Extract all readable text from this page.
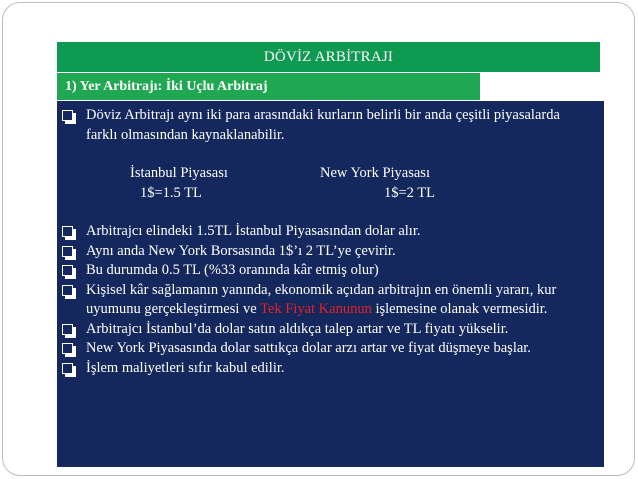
DÖVİZ ARBİTRAJI
1) Yer Arbitrajı: İki Uçlu Arbitraj
Döviz Arbitrajı aynı iki para arasındaki kurların belirli bir anda çeşitli piyasalarda farklı olmasından kaynaklanabilir.
İstanbul Piyasası	New York Piyasası
1$=1.5 TL	1$=2 TL
Arbitrajcı elindeki 1.5TL İstanbul Piyasasından dolar alır.
Aynı anda New York Borsasında 1$’ı 2 TL’ye çevirir.
Bu durumda 0.5 TL (%33 oranında kâr etmiş olur)
Kişisel kâr sağlamanın yanında, ekonomik açıdan arbitrajın en önemli yararı, kur uyumunu gerçekleştirmesi ve Tek Fiyat Kanunun işlemesine olanak vermesidir.
Arbitrajcı İstanbul’da dolar satın aldıkça talep artar ve TL fiyatı yükselir.
New York Piyasasında dolar sattıkça dolar arzı artar ve fiyat düşmeye başlar.
İşlem maliyetleri sıfır kabul edilir.
